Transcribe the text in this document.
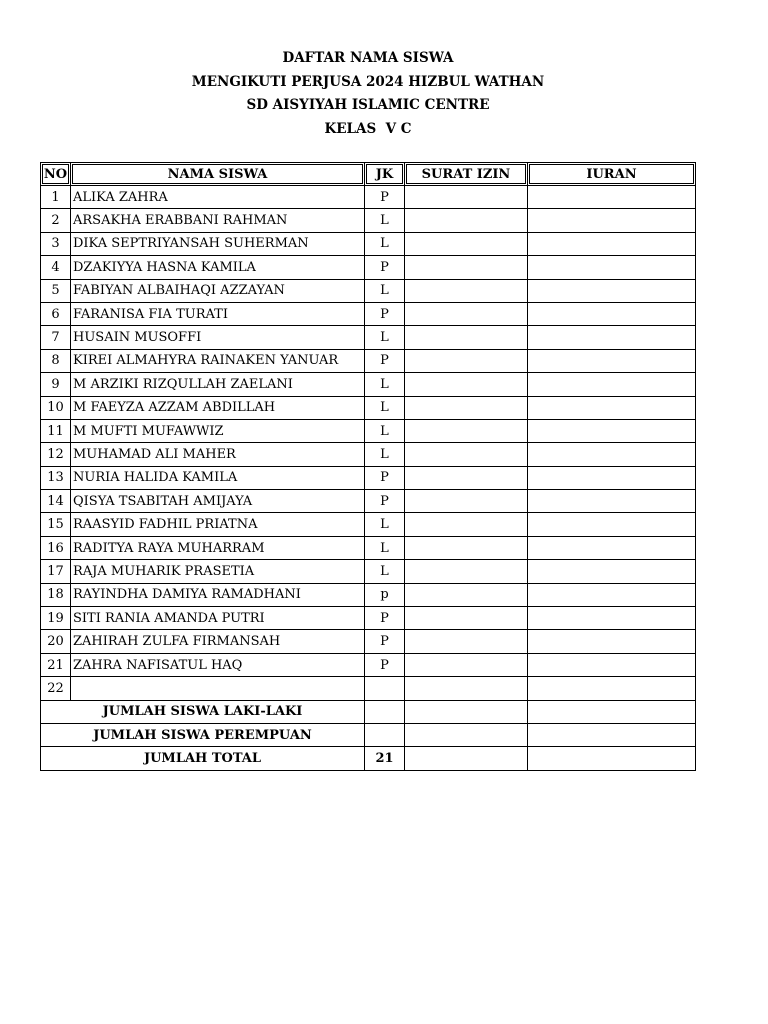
DAFTAR NAMA SISWA
MENGIKUTI PERJUSA 2024 HIZBUL WATHAN
SD AISYIYAH ISLAMIC CENTRE
KELAS  V C
NO	NAMA SISWA	JK	SURAT IZIN	IURAN
1	ALIKA ZAHRA	P		
2	ARSAKHA ERABBANI RAHMAN	L		
3	DIKA SEPTRIYANSAH SUHERMAN	L		
4	DZAKIYYA HASNA KAMILA	P		
5	FABIYAN ALBAIHAQI AZZAYAN	L		
6	FARANISA FIA TURATI	P		
7	HUSAIN MUSOFFI	L		
8	KIREI ALMAHYRA RAINAKEN YANUAR	P		
9	M ARZIKI RIZQULLAH ZAELANI	L		
10	M FAEYZA AZZAM ABDILLAH	L		
11	M MUFTI MUFAWWIZ	L		
12	MUHAMAD ALI MAHER	L		
13	NURIA HALIDA KAMILA	P		
14	QISYA TSABITAH AMIJAYA	P		
15	RAASYID FADHIL PRIATNA	L		
16	RADITYA RAYA MUHARRAM	L		
17	RAJA MUHARIK PRASETIA	L		
18	RAYINDHA DAMIYA RAMADHANI	p		
19	SITI RANIA AMANDA PUTRI	P		
20	ZAHIRAH ZULFA FIRMANSAH	P		
21	ZAHRA NAFISATUL HAQ	P		
22				
JUMLAH SISWA LAKI-LAKI				
JUMLAH SISWA PEREMPUAN				
JUMLAH TOTAL		21		
